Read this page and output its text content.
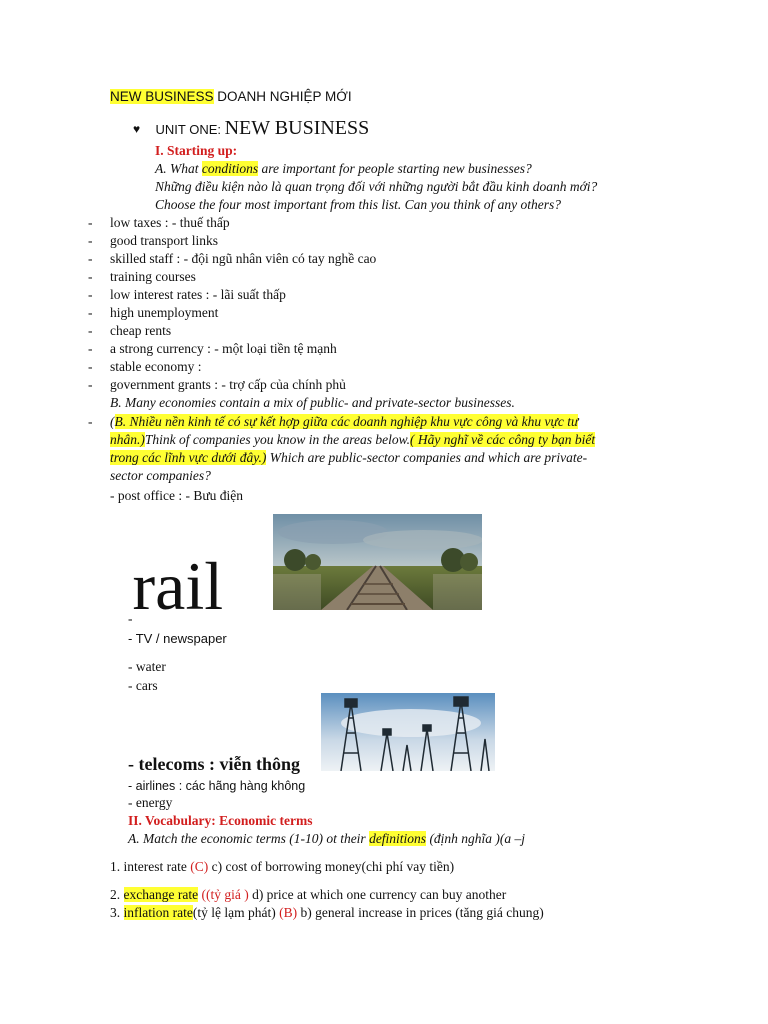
NEW BUSINESS DOANH NGHIỆP MỚI
♥ UNIT ONE: NEW BUSINESS
I. Starting up:
A. What conditions are important for people starting new businesses?
Những điều kiện nào là quan trọng đối với những người bắt đầu kinh doanh mới?
Choose the four most important from this list. Can you think of any others?
- low taxes : - thuế thấp
- good transport links
- skilled staff : - đội ngũ nhân viên có tay nghề cao
- training courses
- low interest rates : - lãi suất thấp
- high unemployment
- cheap rents
- a strong currency : - một loại tiền tệ mạnh
- stable economy :
- government grants : - trợ cấp của chính phủ
B. Many economies contain a mix of public- and private-sector businesses.
- (B. Nhiều nền kinh tế có sự kết hợp giữa các doanh nghiệp khu vực công và khu vực tư
nhân.)Think of companies you know in the areas below.( Hãy nghĩ về các công ty bạn biết
trong các lĩnh vực dưới đây.) Which are public-sector companies and which are private-
sector companies?
- post office : - Bưu điện
-rail
- TV / newspaper
- water
- cars
- telecoms : viễn thông
- airlines : các hãng hàng không
- energy
II. Vocabulary: Economic terms
A. Match the economic terms (1-10) ot their definitions (định nghĩa )(a –j
1. interest rate (C) c) cost of borrowing money(chi phí vay tiền)
2. exchange rate ((tỷ giá ) d) price at which one currency can buy another
3. inflation rate(tỷ lệ lạm phát) (B) b) general increase in prices (tăng giá chung)
